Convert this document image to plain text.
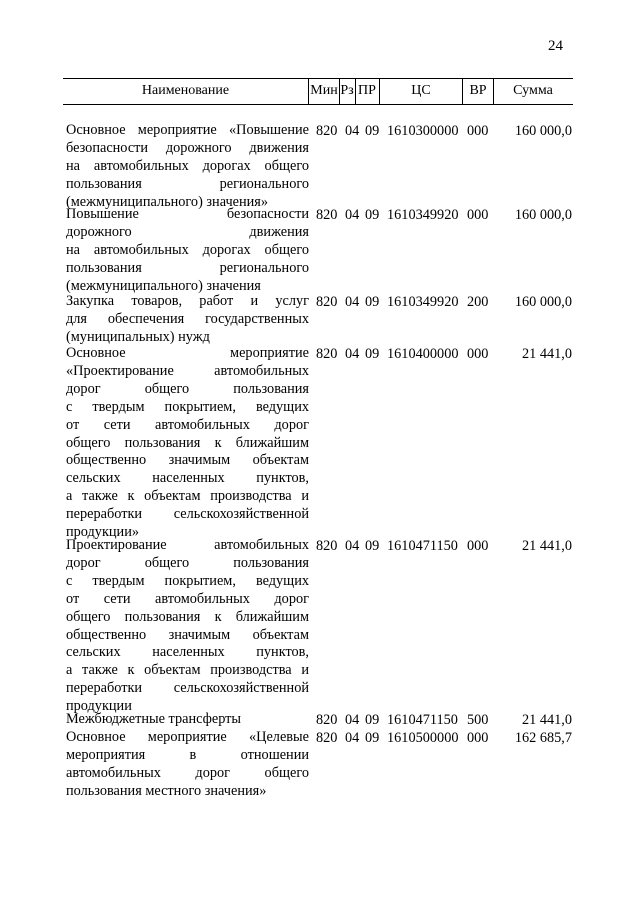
24
Наименование	Мин Рз ПР	ЦС	ВР	Сумма
Основное мероприятие «Повышение
безопасности дорожного движения
на автомобильных дорогах общего
пользования регионального
(межмуниципального) значения»
820 04 09 1610300000 000 160 000,0
Повышение безопасности
дорожного движения
на автомобильных дорогах общего
пользования регионального
(межмуниципального) значения
820 04 09 1610349920 000 160 000,0
Закупка товаров, работ и услуг
для обеспечения государственных
(муниципальных) нужд
820 04 09 1610349920 200 160 000,0
Основное мероприятие
«Проектирование автомобильных
дорог общего пользования
с твердым покрытием, ведущих
от сети автомобильных дорог
общего пользования к ближайшим
общественно значимым объектам
сельских населенных пунктов,
а также к объектам производства и
переработки сельскохозяйственной
продукции»
820 04 09 1610400000 000 21 441,0
Проектирование автомобильных
дорог общего пользования
с твердым покрытием, ведущих
от сети автомобильных дорог
общего пользования к ближайшим
общественно значимым объектам
сельских населенных пунктов,
а также к объектам производства и
переработки сельскохозяйственной
продукции
820 04 09 1610471150 000 21 441,0
Межбюджетные трансферты	820 04 09 1610471150 500 21 441,0
Основное мероприятие «Целевые
мероприятия в отношении
автомобильных дорог общего
пользования местного значения»
820 04 09 1610500000 000 162 685,7
